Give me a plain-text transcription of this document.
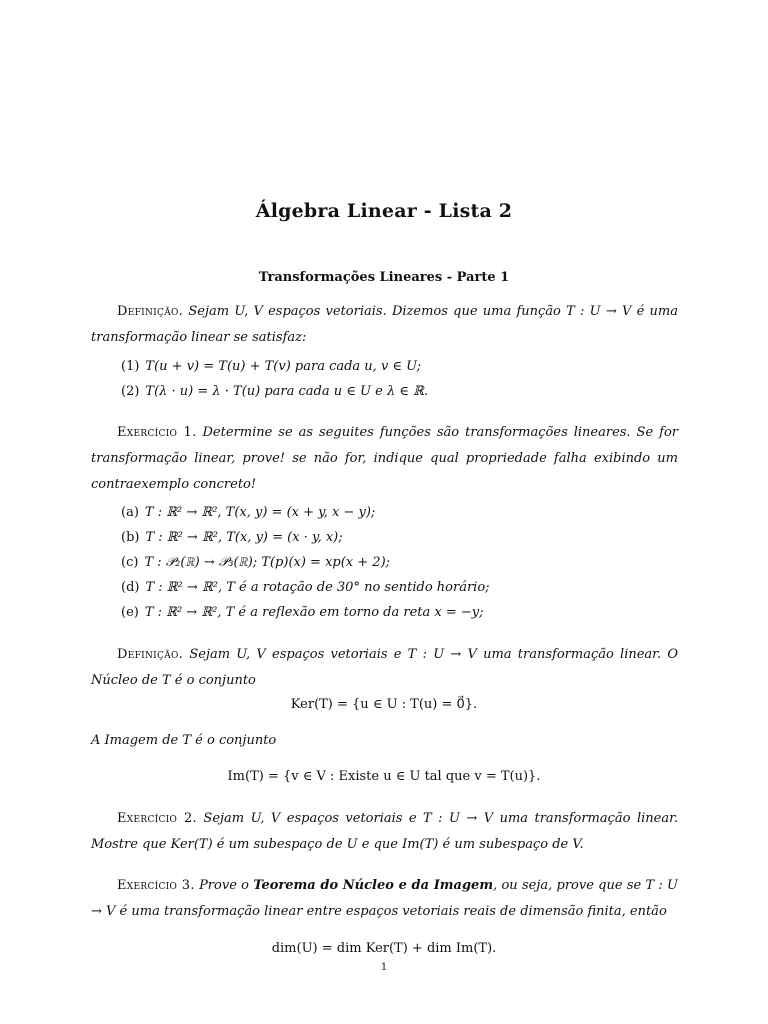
Álgebra Linear - Lista 2
Transformações Lineares - Parte 1
Definição. Sejam U, V espaços vetoriais. Dizemos que uma função T : U → V é uma transformação linear se satisfaz:
(1) T(u + v) = T(u) + T(v) para cada u, v ∈ U;
(2) T(λ · u) = λ · T(u) para cada u ∈ U e λ ∈ ℝ.
Exercício 1. Determine se as seguites funções são transformações lineares. Se for transformação linear, prove! se não for, indique qual propriedade falha exibindo um contraexemplo concreto!
(a) T : ℝ² → ℝ², T(x, y) = (x + y, x − y);
(b) T : ℝ² → ℝ², T(x, y) = (x · y, x);
(c) T : 𝒫₂(ℝ) → 𝒫₃(ℝ); T(p)(x) = xp(x + 2);
(d) T : ℝ² → ℝ², T é a rotação de 30° no sentido horário;
(e) T : ℝ² → ℝ², T é a reflexão em torno da reta x = −y;
Definição. Sejam U, V espaços vetoriais e T : U → V uma transformação linear. O Núcleo de T é o conjunto
Ker(T) = {u ∈ U : T(u) = 0⃗}.
A Imagem de T é o conjunto
Im(T) = {v ∈ V : Existe u ∈ U tal que v = T(u)}.
Exercício 2. Sejam U, V espaços vetoriais e T : U → V uma transformação linear. Mostre que Ker(T) é um subespaço de U e que Im(T) é um subespaço de V.
Exercício 3. Prove o Teorema do Núcleo e da Imagem, ou seja, prove que se T : U → V é uma transformação linear entre espaços vetoriais reais de dimensão finita, então
dim(U) = dim Ker(T) + dim Im(T).
1
